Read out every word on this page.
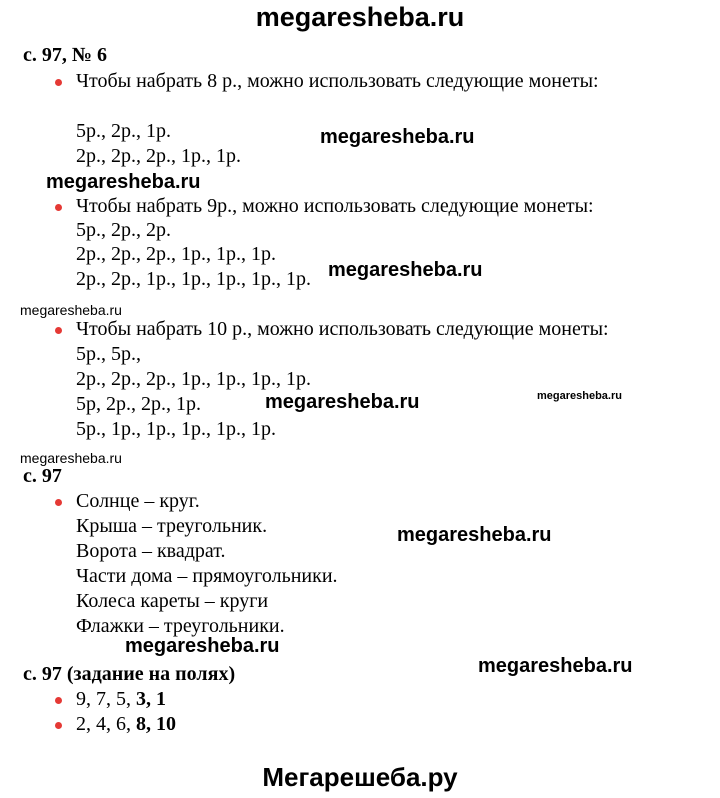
megaresheba.ru
с. 97, № 6
Чтобы набрать 8 р., можно использовать следующие монеты:
5р., 2р., 1р.
2р., 2р., 2р., 1р., 1р.
Чтобы набрать 9р., можно использовать следующие монеты:
5р., 2р., 2р.
2р., 2р., 2р., 1р., 1р., 1р.
2р., 2р., 1р., 1р., 1р., 1р., 1р.
Чтобы набрать 10 р., можно использовать следующие монеты:
5р., 5р.,
2р., 2р., 2р., 1р., 1р., 1р., 1р.
5р, 2р., 2р., 1р.
5р., 1р., 1р., 1р., 1р., 1р.
с. 97
Солнце – круг.
Крыша – треугольник.
Ворота – квадрат.
Части дома – прямоугольники.
Колеса кареты – круги
Флажки – треугольники.
с. 97 (задание на полях)
9, 7, 5, 3, 1
2, 4, 6, 8, 10
megaresheba.ru
megaresheba.ru
megaresheba.ru
megaresheba.ru
megaresheba.ru
megaresheba.ru
megaresheba.ru
megaresheba.ru
megaresheba.ru
megaresheba.ru
Мегарешеба.ру
